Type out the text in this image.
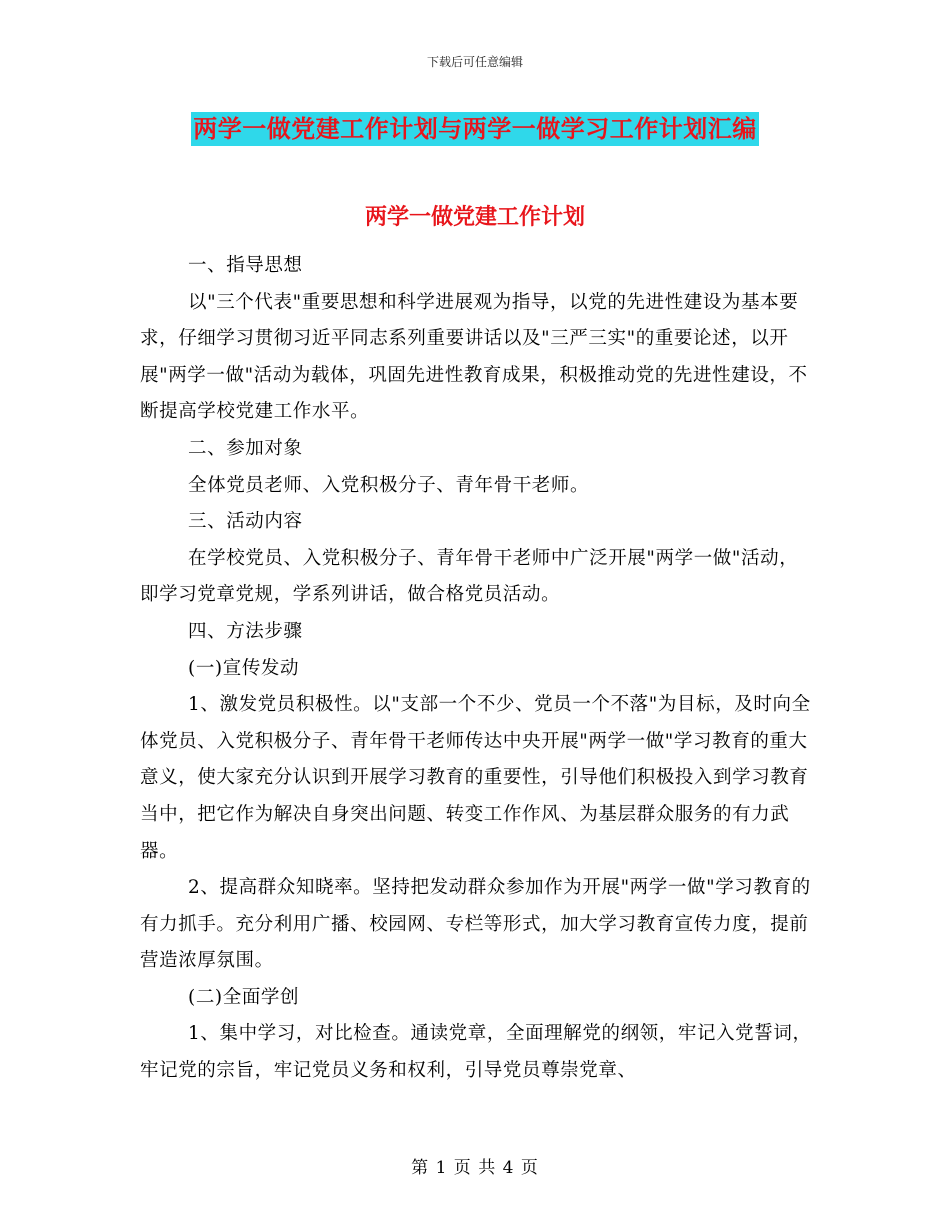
下载后可任意编辑
两学一做党建工作计划与两学一做学习工作计划汇编
两学一做党建工作计划

一、指导思想

以"三个代表"重要思想和科学进展观为指导，以党的先进性建设为基本要求，仔细学习贯彻习近平同志系列重要讲话以及"三严三实"的重要论述，以开展"两学一做"活动为载体，巩固先进性教育成果，积极推动党的先进性建设，不断提高学校党建工作水平。

二、参加对象

全体党员老师、入党积极分子、青年骨干老师。

三、活动内容

在学校党员、入党积极分子、青年骨干老师中广泛开展"两学一做"活动，即学习党章党规，学系列讲话，做合格党员活动。

四、方法步骤

(一)宣传发动

1、激发党员积极性。以"支部一个不少、党员一个不落"为目标，及时向全体党员、入党积极分子、青年骨干老师传达中央开展"两学一做"学习教育的重大意义，使大家充分认识到开展学习教育的重要性，引导他们积极投入到学习教育当中，把它作为解决自身突出问题、转变工作作风、为基层群众服务的有力武器。

2、提高群众知晓率。坚持把发动群众参加作为开展"两学一做"学习教育的有力抓手。充分利用广播、校园网、专栏等形式，加大学习教育宣传力度，提前营造浓厚氛围。

(二)全面学创

1、集中学习，对比检查。通读党章，全面理解党的纲领，牢记入党誓词，牢记党的宗旨，牢记党员义务和权利，引导党员尊崇党章、

第 1 页 共 4 页
